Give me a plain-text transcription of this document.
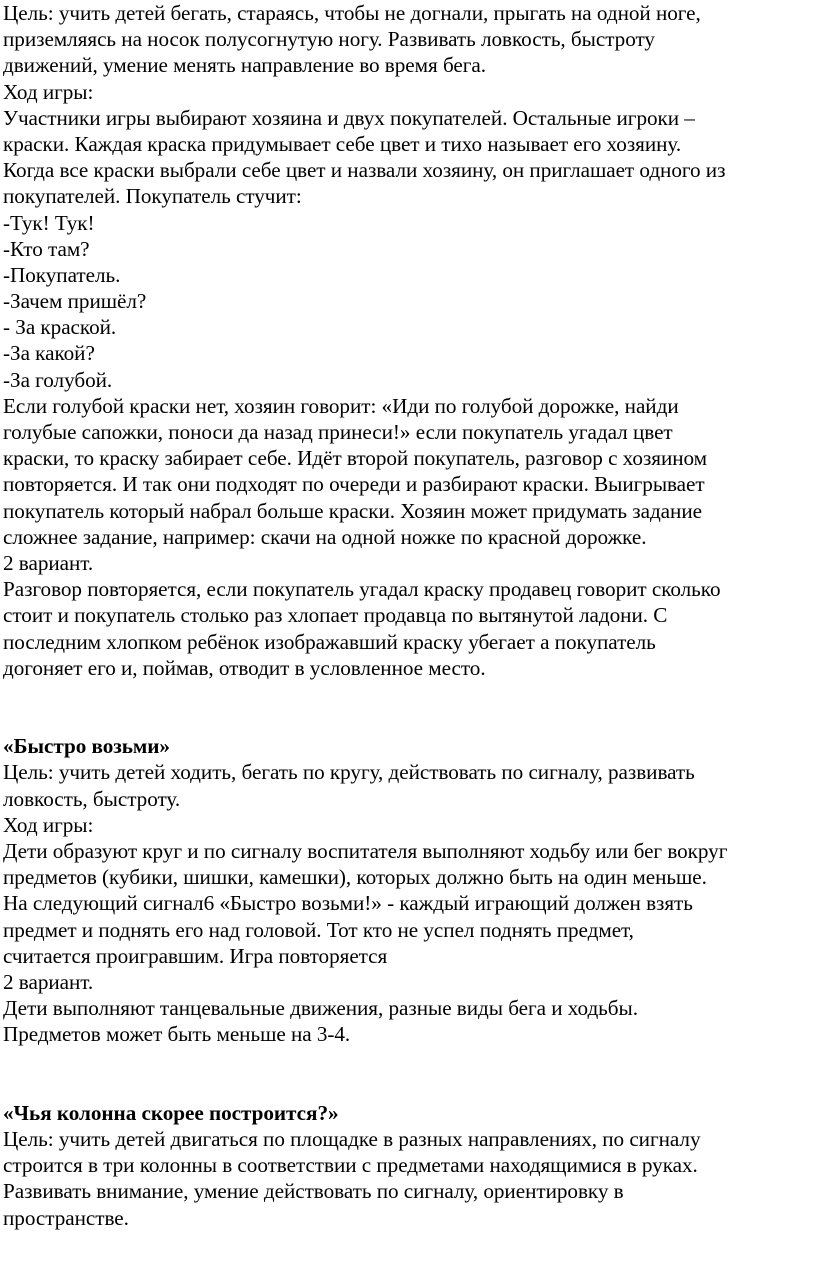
Цель: учить детей бегать, стараясь, чтобы не догнали, прыгать на одной ноге,
приземляясь на носок полусогнутую ногу. Развивать ловкость, быстроту
движений, умение менять направление во время бега.
Ход игры:
Участники игры выбирают хозяина и двух покупателей. Остальные игроки –
краски. Каждая краска придумывает себе цвет и тихо называет его хозяину.
Когда все краски выбрали себе цвет и назвали хозяину, он приглашает одного из
покупателей. Покупатель стучит:
-Тук! Тук!
-Кто там?
-Покупатель.
-Зачем пришёл?
- За краской.
-За какой?
-За голубой.
Если голубой краски нет, хозяин говорит: «Иди по голубой дорожке, найди
голубые сапожки, поноси да назад принеси!» если покупатель угадал цвет
краски, то краску забирает себе. Идёт второй покупатель, разговор с хозяином
повторяется. И так они подходят по очереди и разбирают краски. Выигрывает
покупатель который набрал больше краски. Хозяин может придумать задание
сложнее задание, например: скачи на одной ножке по красной дорожке.
2 вариант.
Разговор повторяется, если покупатель угадал краску продавец говорит сколько
стоит и покупатель столько раз хлопает продавца по вытянутой ладони. С
последним хлопком ребёнок изображавший краску убегает а покупатель
догоняет его и, поймав, отводит в условленное место.
«Быстро возьми»
Цель: учить детей ходить, бегать по кругу, действовать по сигналу, развивать
ловкость, быстроту.
Ход игры:
Дети образуют круг и по сигналу воспитателя выполняют ходьбу или бег вокруг
предметов (кубики, шишки, камешки), которых должно быть на один меньше.
На следующий сигнал6 «Быстро возьми!» - каждый играющий должен взять
предмет и поднять его над головой. Тот кто не успел поднять предмет,
считается проигравшим. Игра повторяется
2 вариант.
Дети выполняют танцевальные движения, разные виды бега и ходьбы.
Предметов может быть меньше на 3-4.
«Чья колонна скорее построится?»
Цель: учить детей двигаться по площадке в разных направлениях, по сигналу
строится в три колонны в соответствии с предметами находящимися в руках.
Развивать внимание, умение действовать по сигналу, ориентировку в
пространстве.
